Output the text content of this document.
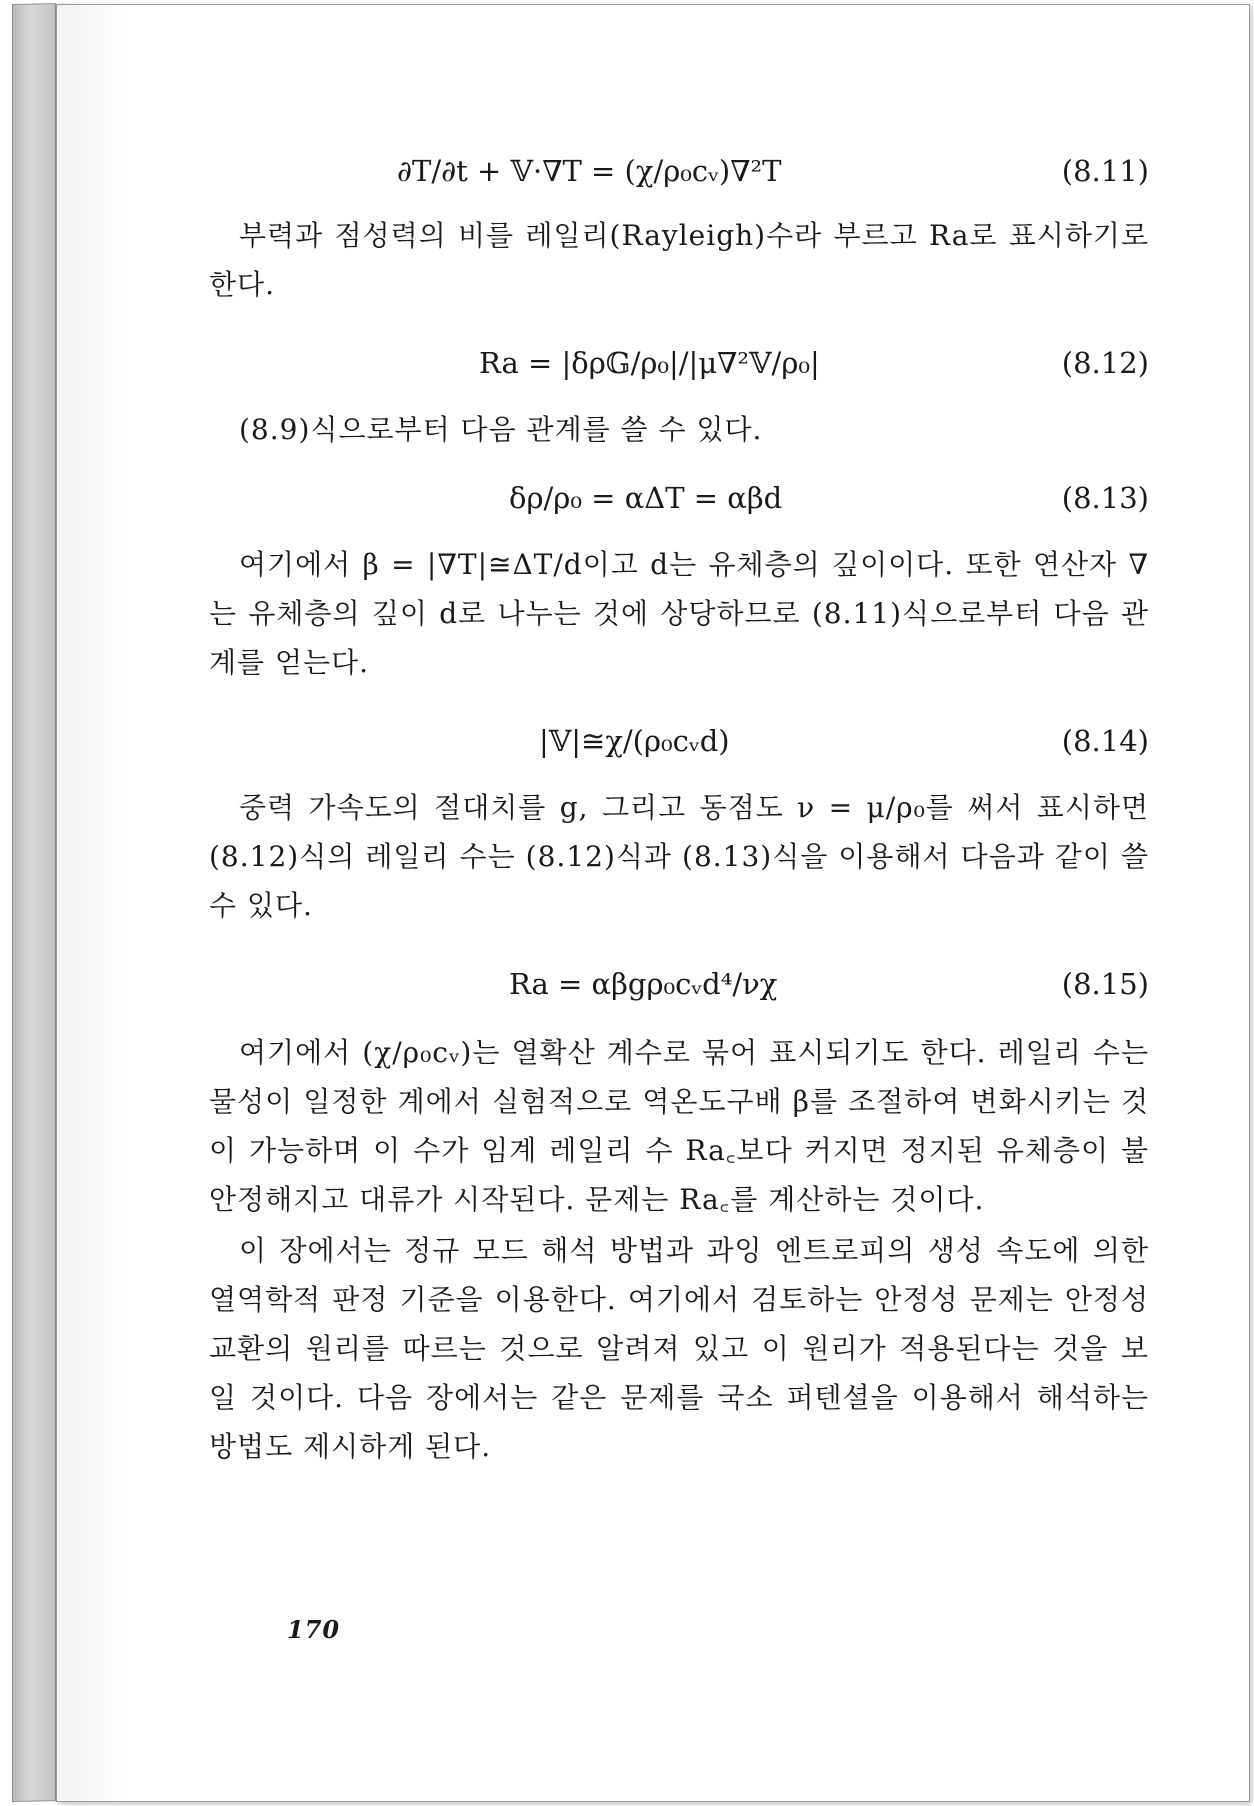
∂T/∂t + 𝕍·∇T = (χ/ρ₀cᵥ)∇²T	(8.11)

부력과 점성력의 비를 레일리(Rayleigh)수라 부르고 Ra로 표시하기로 한다.

Ra = |δρ𝔾/ρ₀|/|μ∇²𝕍/ρ₀|	(8.12)

(8.9)식으로부터 다음 관계를 쓸 수 있다.

δρ/ρ₀ = αΔT = αβd	(8.13)

여기에서 β = |∇T|≅ΔT/d이고 d는 유체층의 깊이이다. 또한 연산자 ∇는 유체층의 깊이 d로 나누는 것에 상당하므로 (8.11)식으로부터 다음 관계를 얻는다.

|𝕍|≅χ/(ρ₀cᵥd)	(8.14)

중력 가속도의 절대치를 g, 그리고 동점도 ν = μ/ρ₀를 써서 표시하면 (8.12)식의 레일리 수는 (8.12)식과 (8.13)식을 이용해서 다음과 같이 쓸 수 있다.

Ra = αβgρ₀cᵥd⁴/νχ	(8.15)

여기에서 (χ/ρ₀cᵥ)는 열확산 계수로 묶어 표시되기도 한다. 레일리 수는 물성이 일정한 계에서 실험적으로 역온도구배 β를 조절하여 변화시키는 것이 가능하며 이 수가 임계 레일리 수 Ra꜀보다 커지면 정지된 유체층이 불안정해지고 대류가 시작된다. 문제는 Ra꜀를 계산하는 것이다.

이 장에서는 정규 모드 해석 방법과 과잉 엔트로피의 생성 속도에 의한 열역학적 판정 기준을 이용한다. 여기에서 검토하는 안정성 문제는 안정성 교환의 원리를 따르는 것으로 알려져 있고 이 원리가 적용된다는 것을 보일 것이다. 다음 장에서는 같은 문제를 국소 퍼텐셜을 이용해서 해석하는 방법도 제시하게 된다.

170
